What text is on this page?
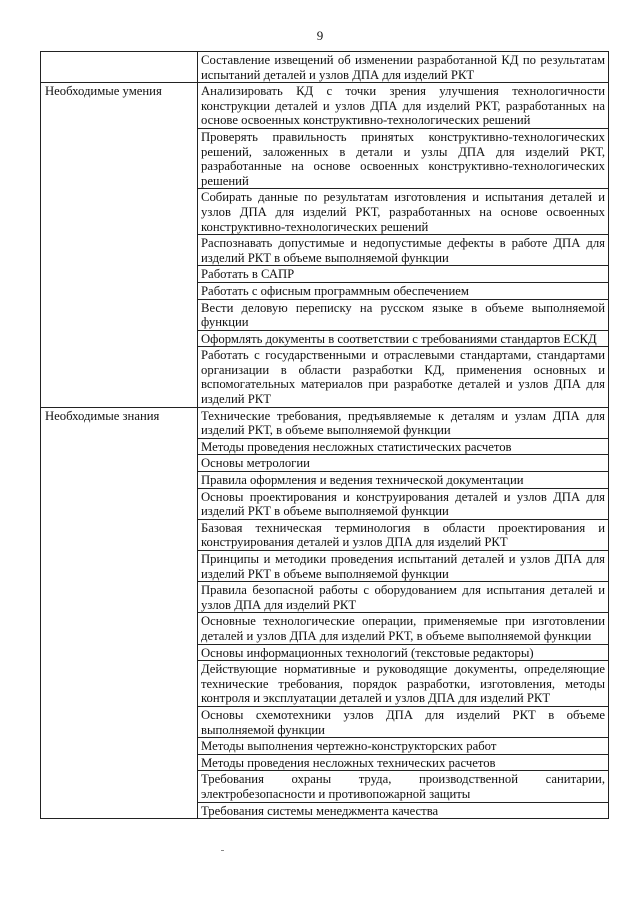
9
	Составление извещений об изменении разработанной КД по результатам испытаний деталей и узлов ДПА для изделий РКТ
Необходимые умения	Анализировать КД с точки зрения улучшения технологичности конструкции деталей и узлов ДПА для изделий РКТ, разработанных на основе освоенных конструктивно-технологических решений
	Проверять правильность принятых конструктивно-технологических решений, заложенных в детали и узлы ДПА для изделий РКТ, разработанные на основе освоенных конструктивно-технологических решений
	Собирать данные по результатам изготовления и испытания деталей и узлов ДПА для изделий РКТ, разработанных на основе освоенных конструктивно-технологических решений
	Распознавать допустимые и недопустимые дефекты в работе ДПА для изделий РКТ в объеме выполняемой функции
	Работать в САПР
	Работать с офисным программным обеспечением
	Вести деловую переписку на русском языке в объеме выполняемой функции
	Оформлять документы в соответствии с требованиями стандартов ЕСКД
	Работать с государственными и отраслевыми стандартами, стандартами организации в области разработки КД, применения основных и вспомогательных материалов при разработке деталей и узлов ДПА для изделий РКТ
Необходимые знания	Технические требования, предъявляемые к деталям и узлам ДПА для изделий РКТ, в объеме выполняемой функции
	Методы проведения несложных статистических расчетов
	Основы метрологии
	Правила оформления и ведения технической документации
	Основы проектирования и конструирования деталей и узлов ДПА для изделий РКТ в объеме выполняемой функции
	Базовая техническая терминология в области проектирования и конструирования деталей и узлов ДПА для изделий РКТ
	Принципы и методики проведения испытаний деталей и узлов ДПА для изделий РКТ в объеме выполняемой функции
	Правила безопасной работы с оборудованием для испытания деталей и узлов ДПА для изделий РКТ
	Основные технологические операции, применяемые при изготовлении деталей и узлов ДПА для изделий РКТ, в объеме выполняемой функции
	Основы информационных технологий (текстовые редакторы)
	Действующие нормативные и руководящие документы, определяющие технические требования, порядок разработки, изготовления, методы контроля и эксплуатации деталей и узлов ДПА для изделий РКТ
	Основы схемотехники узлов ДПА для изделий РКТ в объеме выполняемой функции
	Методы выполнения чертежно-конструкторских работ
	Методы проведения несложных технических расчетов
	Требования охраны труда, производственной санитарии, электробезопасности и противопожарной защиты
	Требования системы менеджмента качества
